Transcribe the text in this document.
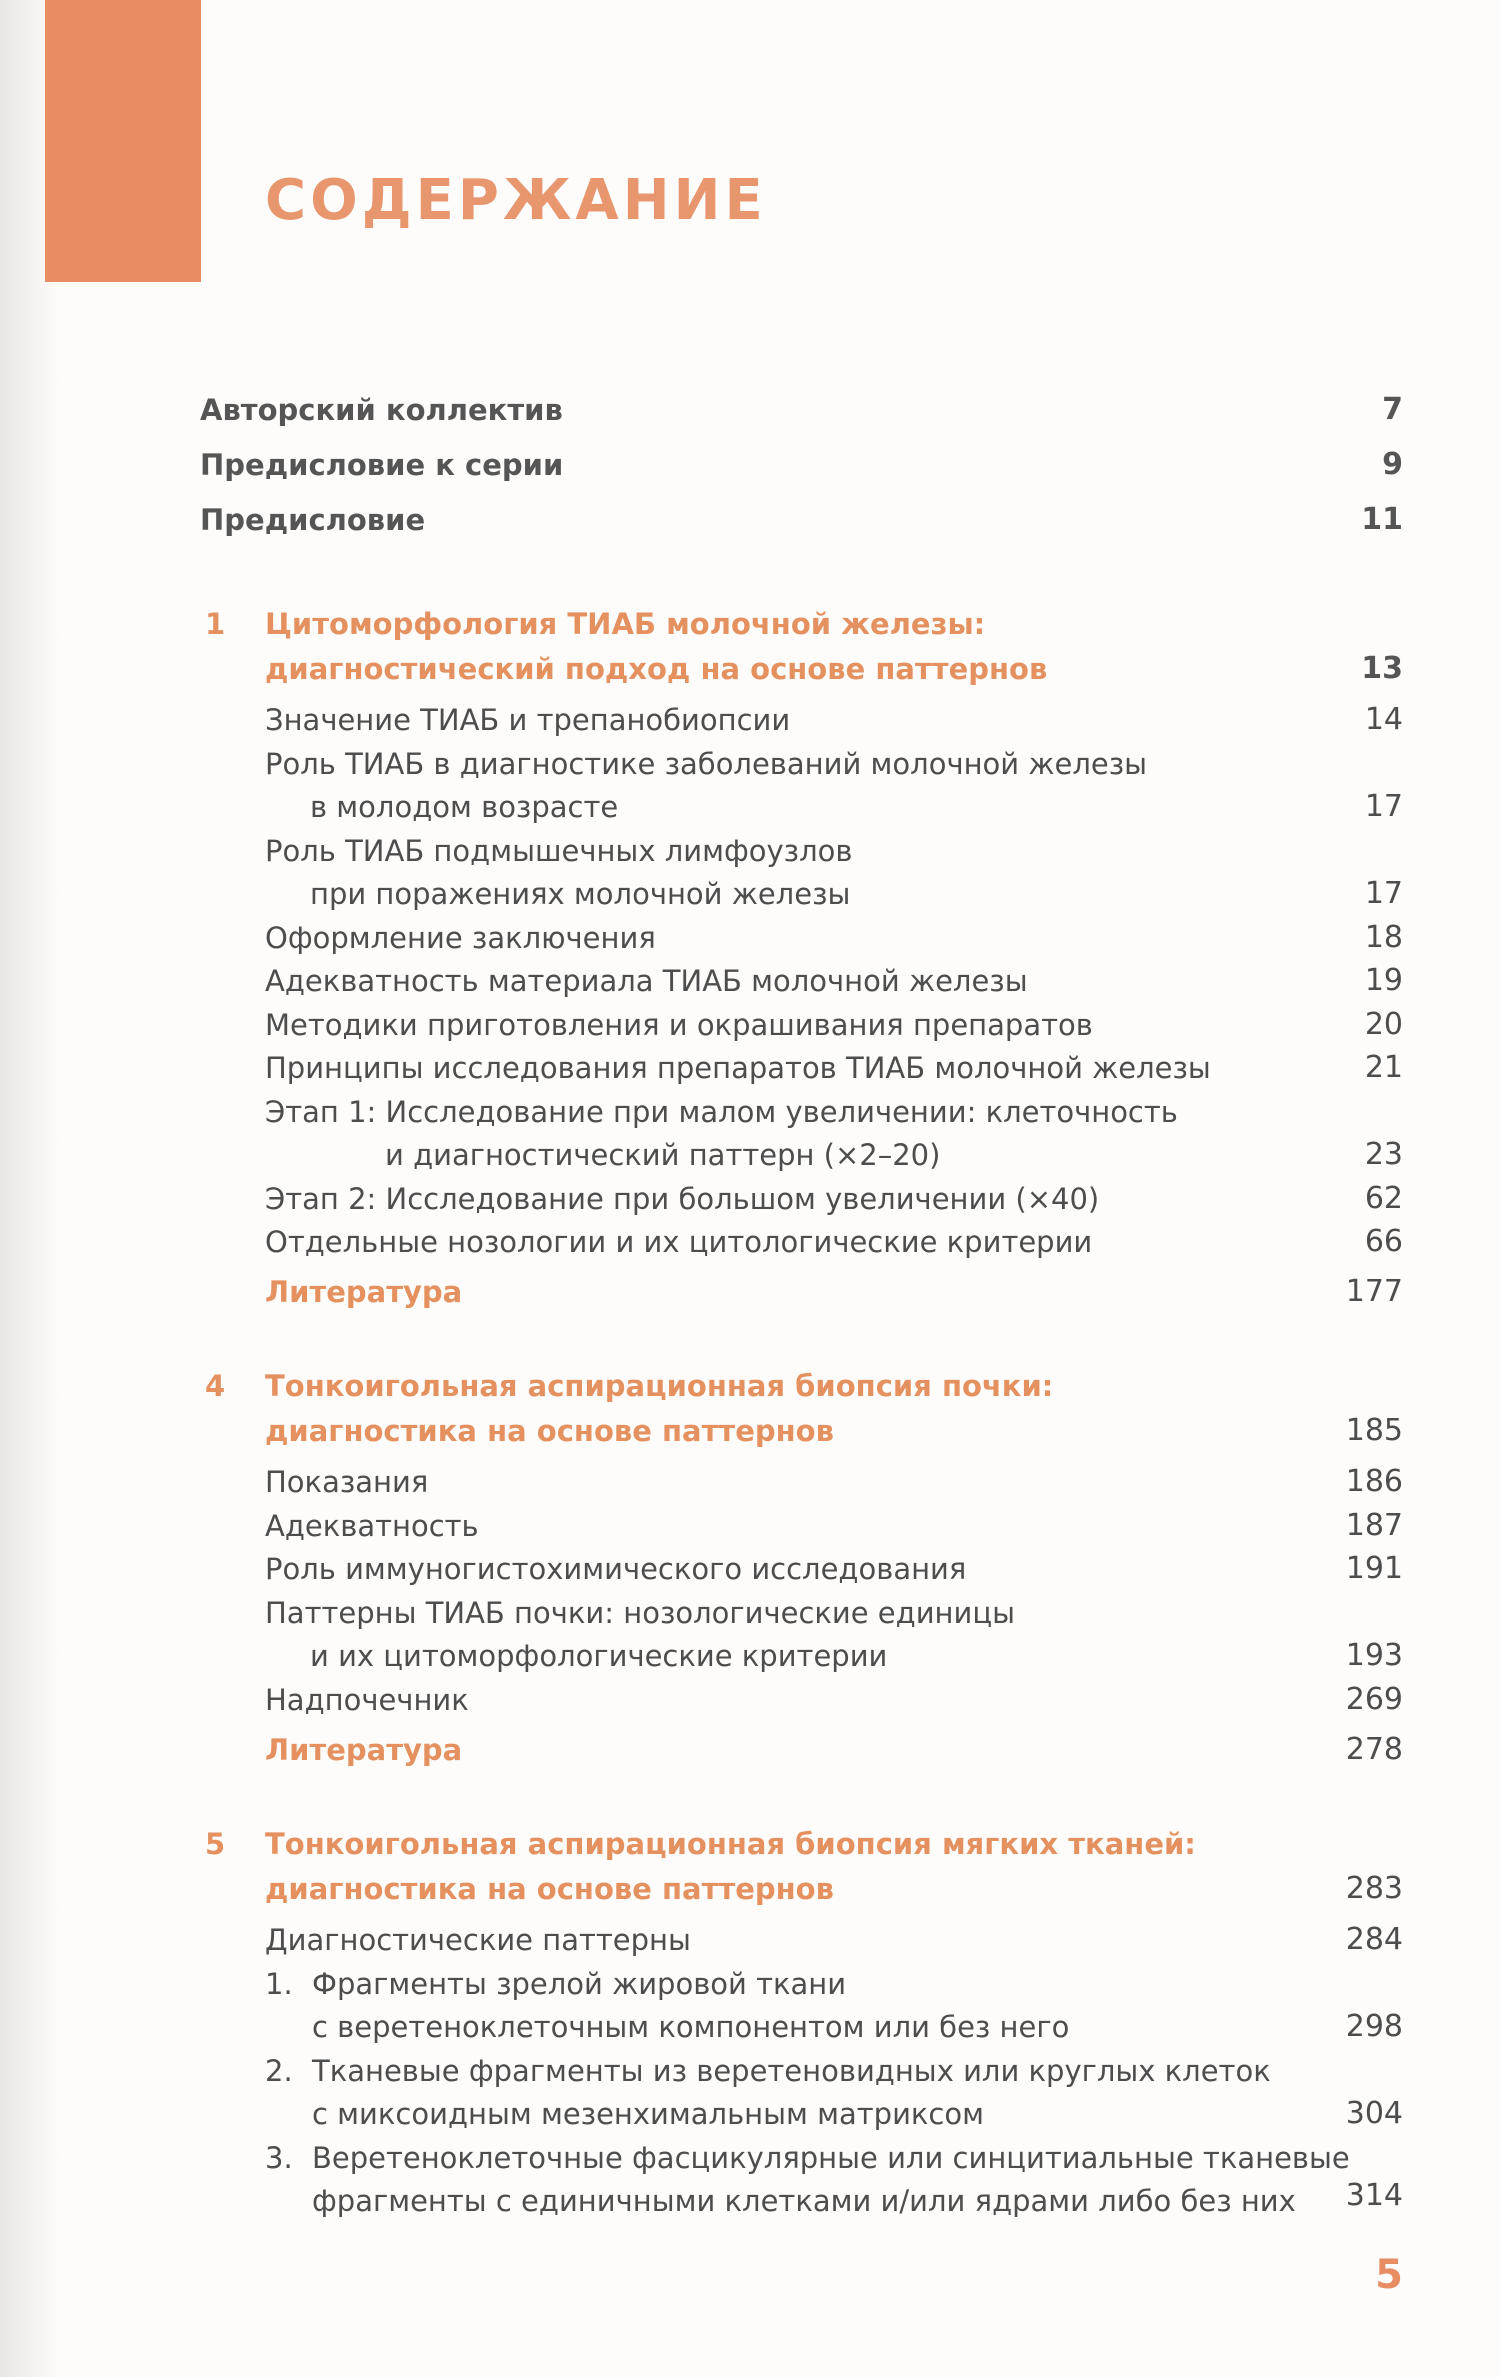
СОДЕРЖАНИЕ
Авторский коллектив	7
Предисловие к серии	9
Предисловие	11
1 Цитоморфология ТИАБ молочной железы:
диагностический подход на основе паттернов	13
Значение ТИАБ и трепанобиопсии	14
Роль ТИАБ в диагностике заболеваний молочной железы
в молодом возрасте	17
Роль ТИАБ подмышечных лимфоузлов
при поражениях молочной железы	17
Оформление заключения	18
Адекватность материала ТИАБ молочной железы	19
Методики приготовления и окрашивания препаратов	20
Принципы исследования препаратов ТИАБ молочной железы	21
Этап 1: Исследование при малом увеличении: клеточность
и диагностический паттерн (×2–20)	23
Этап 2: Исследование при большом увеличении (×40)	62
Отдельные нозологии и их цитологические критерии	66
Литература	177
4 Тонкоигольная аспирационная биопсия почки:
диагностика на основе паттернов	185
Показания	186
Адекватность	187
Роль иммуногистохимического исследования	191
Паттерны ТИАБ почки: нозологические единицы
и их цитоморфологические критерии	193
Надпочечник	269
Литература	278
5 Тонкоигольная аспирационная биопсия мягких тканей:
диагностика на основе паттернов	283
Диагностические паттерны	284
1. Фрагменты зрелой жировой ткани
с веретеноклеточным компонентом или без него	298
2. Тканевые фрагменты из веретеновидных или круглых клеток
с миксоидным мезенхимальным матриксом	304
3. Веретеноклеточные фасцикулярные или синцитиальные тканевые
фрагменты с единичными клетками и/или ядрами либо без них 314
5
